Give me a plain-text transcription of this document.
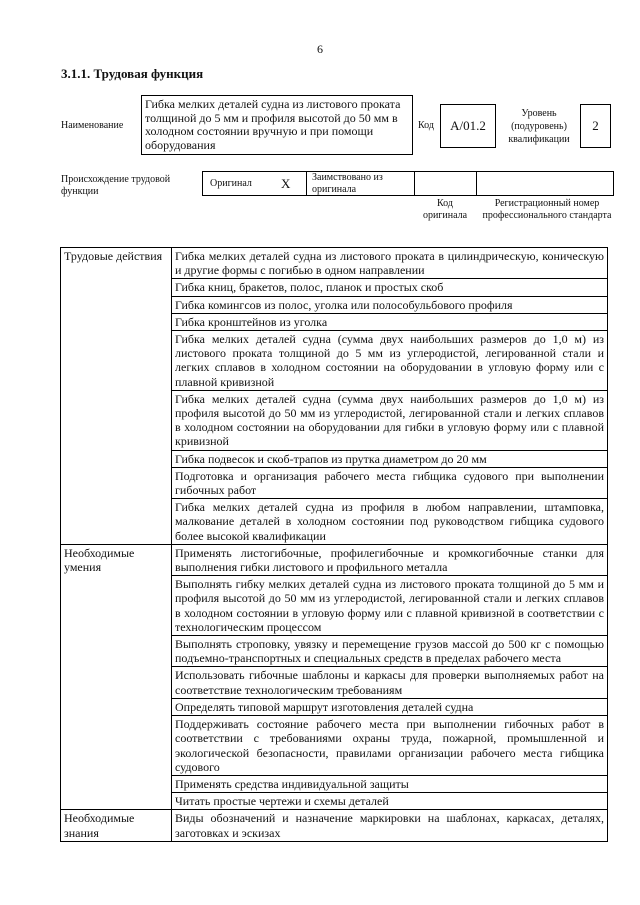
6
3.1.1. Трудовая функция
Наименование
Гибка мелких деталей судна из листового проката толщиной до 5 мм и профиля высотой до 50 мм в холодном состоянии вручную и при помощи оборудования
Код	А/01.2
Уровень (подуровень) квалификации
2
Происхождение трудовой функции
Оригинал X Заимствовано из оригинала
Код оригинала
Регистрационный номер профессионального стандарта
Трудовые действия	Гибка мелких деталей судна из листового проката в цилиндрическую, коническую и другие формы с погибью в одном направлении
	Гибка книц, бракетов, полос, планок и простых скоб
	Гибка комингсов из полос, уголка или полособульбового профиля
	Гибка кронштейнов из уголка
	Гибка мелких деталей судна (сумма двух наибольших размеров до 1,0 м) из листового проката толщиной до 5 мм из углеродистой, легированной стали и легких сплавов в холодном состоянии на оборудовании в угловую форму или с плавной кривизной
	Гибка мелких деталей судна (сумма двух наибольших размеров до 1,0 м) из профиля высотой до 50 мм из углеродистой, легированной стали и легких сплавов в холодном состоянии на оборудовании для гибки в угловую форму или с плавной кривизной
	Гибка подвесок и скоб-трапов из прутка диаметром до 20 мм
	Подготовка и организация рабочего места гибщика судового при выполнении гибочных работ
	Гибка мелких деталей судна из профиля в любом направлении, штамповка, малкование деталей в холодном состоянии под руководством гибщика судового более высокой квалификации
Необходимые умения	Применять листогибочные, профилегибочные и кромкогибочные станки для выполнения гибки листового и профильного металла
	Выполнять гибку мелких деталей судна из листового проката толщиной до 5 мм и профиля высотой до 50 мм из углеродистой, легированной стали и легких сплавов в холодном состоянии в угловую форму или с плавной кривизной в соответствии с технологическим процессом
	Выполнять строповку, увязку и перемещение грузов массой до 500 кг с помощью подъемно-транспортных и специальных средств в пределах рабочего места
	Использовать гибочные шаблоны и каркасы для проверки выполняемых работ на соответствие технологическим требованиям
	Определять типовой маршрут изготовления деталей судна
	Поддерживать состояние рабочего места при выполнении гибочных работ в соответствии с требованиями охраны труда, пожарной, промышленной и экологической безопасности, правилами организации рабочего места гибщика судового
	Применять средства индивидуальной защиты
	Читать простые чертежи и схемы деталей
Необходимые знания	Виды обозначений и назначение маркировки на шаблонах, каркасах, деталях, заготовках и эскизах
